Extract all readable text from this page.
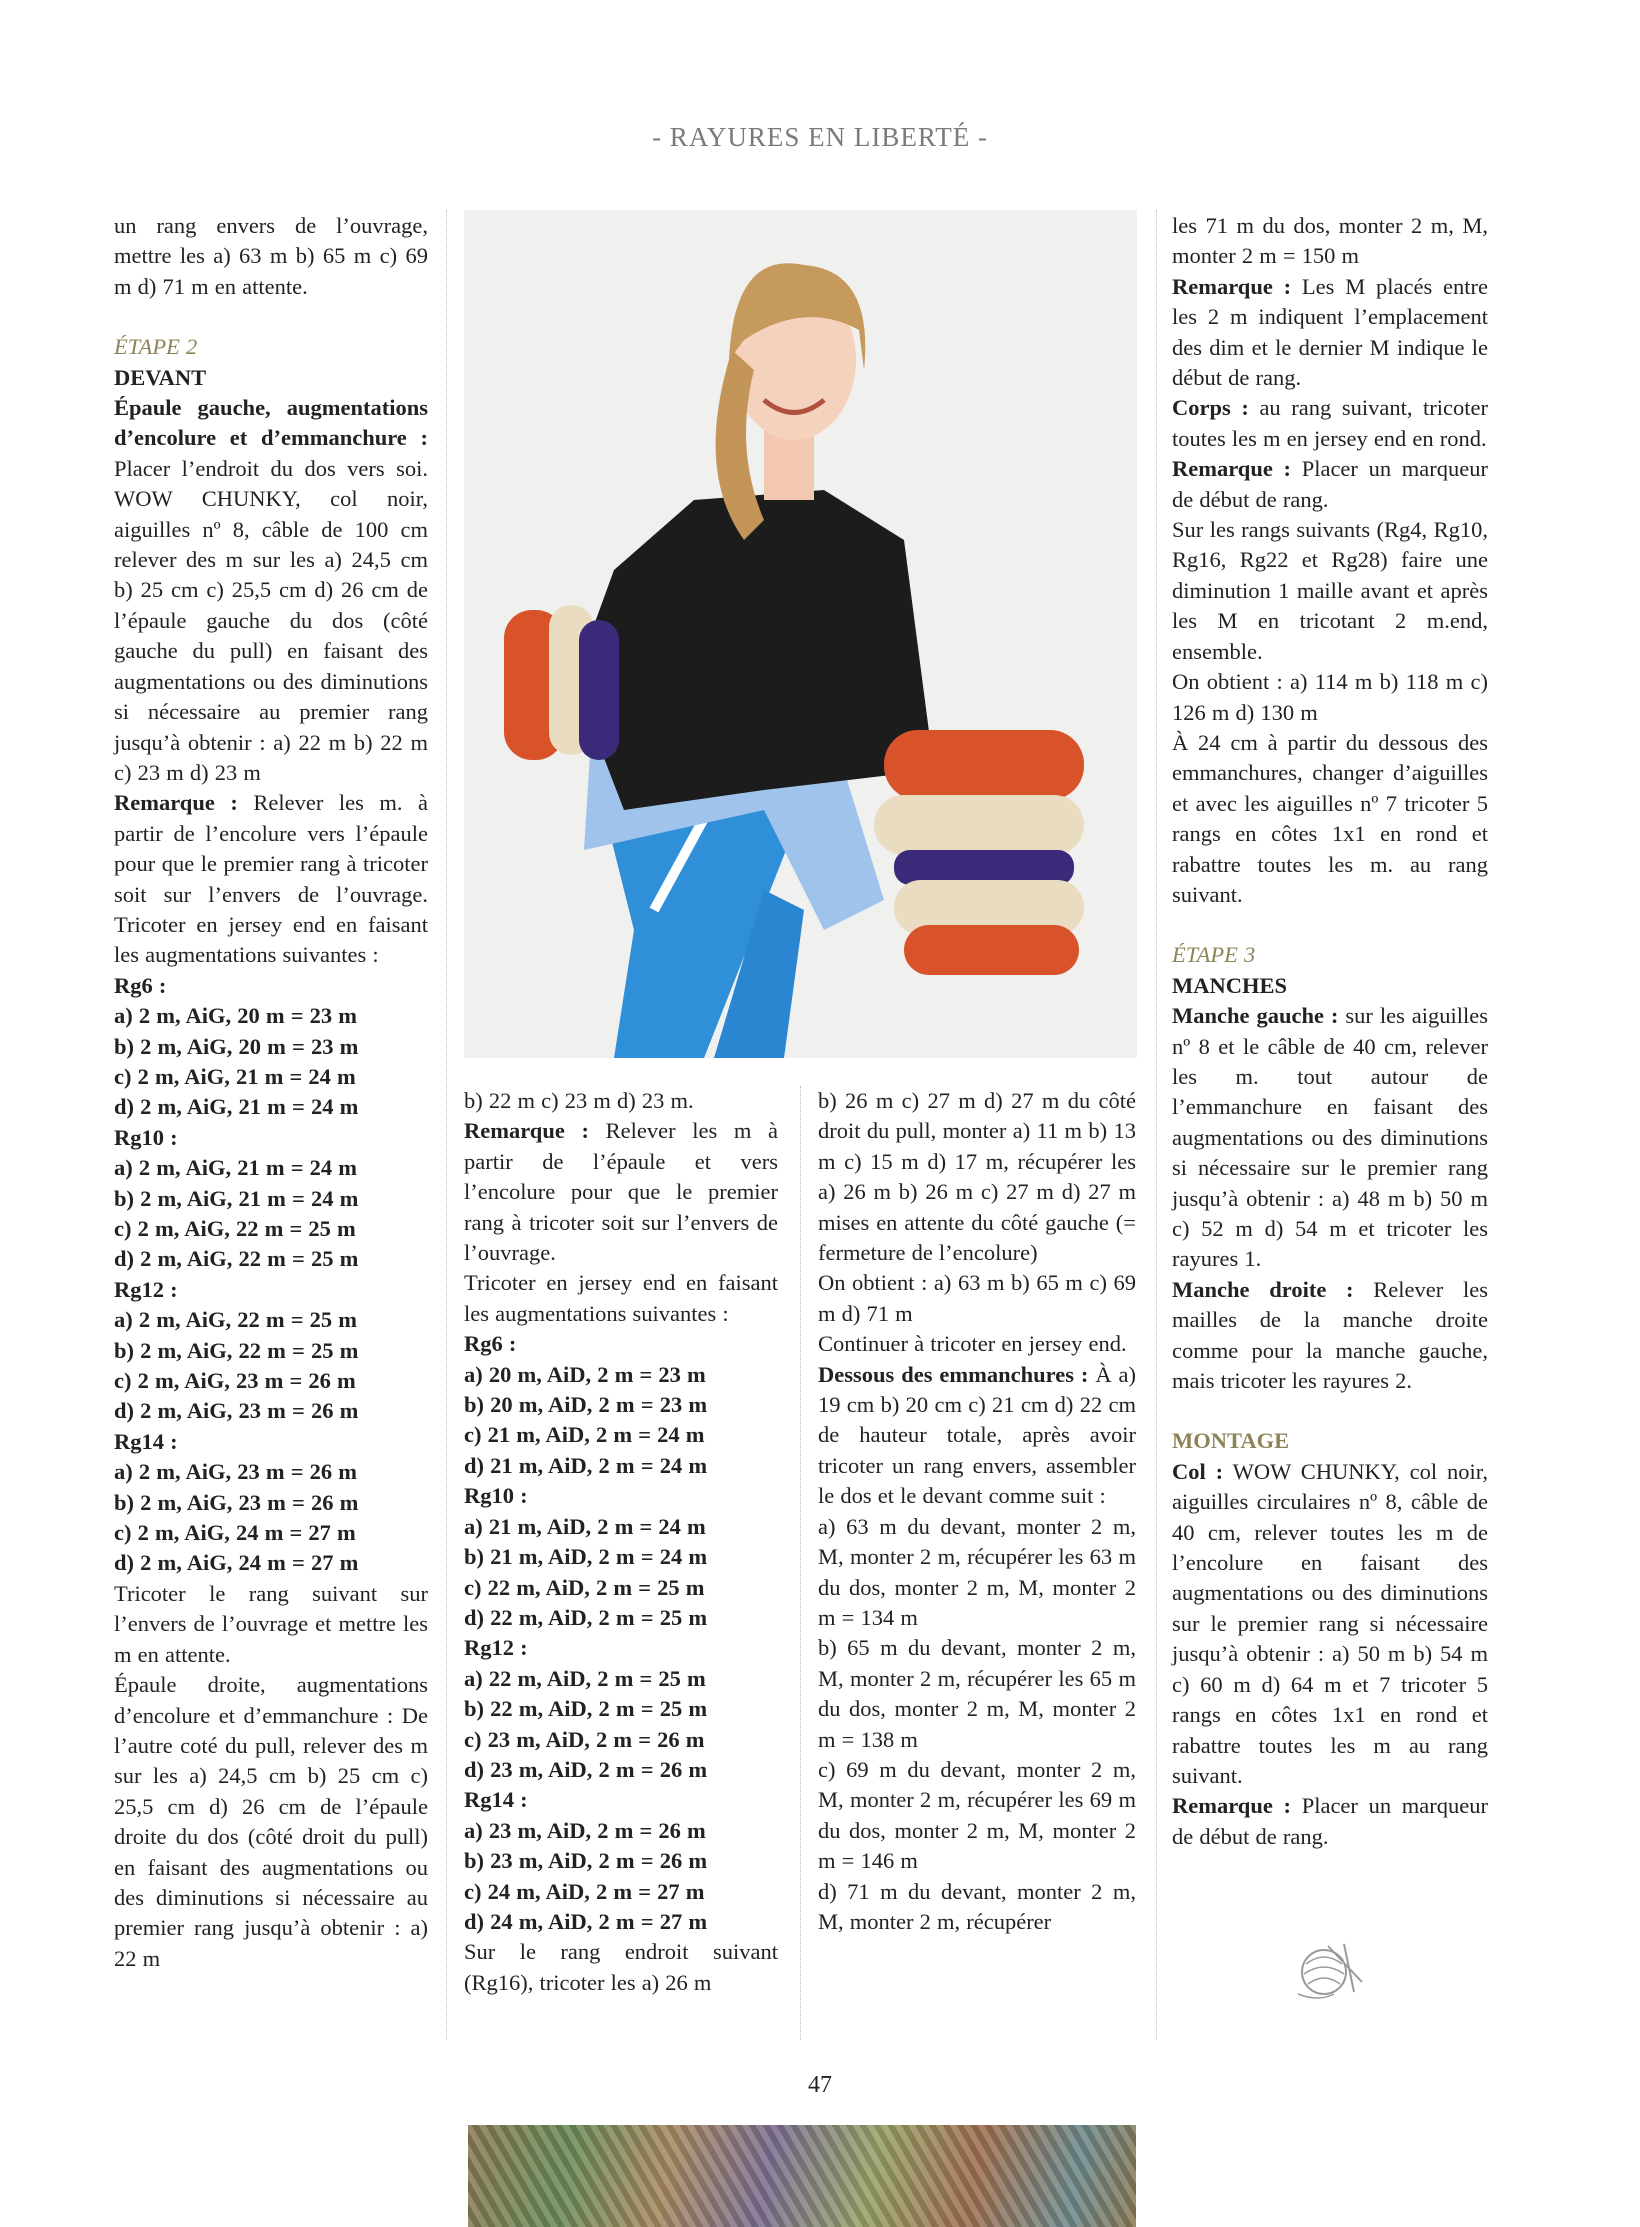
- RAYURES EN LIBERTÉ -

un rang envers de l’ouvrage, mettre les a) 63 m b) 65 m c) 69 m d) 71 m en attente.

ÉTAPE 2

DEVANT

Épaule gauche, augmentations d’encolure et d’emmanchure : Placer l’endroit du dos vers soi. WOW CHUNKY, col noir, aiguilles nº 8, câble de 100 cm relever des m sur les a) 24,5 cm b) 25 cm c) 25,5 cm d) 26 cm de l’épaule gauche du dos (côté gauche du pull) en faisant des augmentations ou des diminutions si nécessaire au premier rang jusqu’à obtenir : a) 22 m b) 22 m c) 23 m d) 23 m

Remarque : Relever les m. à partir de l’encolure vers l’épaule pour que le premier rang à tricoter soit sur l’envers de l’ouvrage. Tricoter en jersey end en faisant les augmentations suivantes :

Rg6 :

a) 2 m, AiG, 20 m = 23 m

b) 2 m, AiG, 20 m = 23 m

c) 2 m, AiG, 21 m = 24 m

d) 2 m, AiG, 21 m = 24 m

Rg10 :

a) 2 m, AiG, 21 m = 24 m

b) 2 m, AiG, 21 m = 24 m

c) 2 m, AiG, 22 m = 25 m

d) 2 m, AiG, 22 m = 25 m

Rg12 :

a) 2 m, AiG, 22 m = 25 m

b) 2 m, AiG, 22 m = 25 m

c) 2 m, AiG, 23 m = 26 m

d) 2 m, AiG, 23 m = 26 m

Rg14 :

a) 2 m, AiG, 23 m = 26 m

b) 2 m, AiG, 23 m = 26 m

c) 2 m, AiG, 24 m = 27 m

d) 2 m, AiG, 24 m = 27 m

Tricoter le rang suivant sur l’envers de l’ouvrage et mettre les m en attente.

Épaule droite, augmentations d’encolure et d’emmanchure : De l’autre coté du pull, relever des m sur les a) 24,5 cm b) 25 cm c) 25,5 cm d) 26 cm de l’épaule droite du dos (côté droit du pull) en faisant des augmentations ou des diminutions si nécessaire au premier rang jusqu’à obtenir : a) 22 m

b) 22 m c) 23 m d) 23 m.

Remarque : Relever les m à partir de l’épaule et vers l’encolure pour que le premier rang à tricoter soit sur l’envers de l’ouvrage.

Tricoter en jersey end en faisant les augmentations suivantes :

Rg6 :

a) 20 m, AiD, 2 m = 23 m

b) 20 m, AiD, 2 m = 23 m

c) 21 m, AiD, 2 m = 24 m

d) 21 m, AiD, 2 m = 24 m

Rg10 :

a) 21 m, AiD, 2 m = 24 m

b) 21 m, AiD, 2 m = 24 m

c) 22 m, AiD, 2 m = 25 m

d) 22 m, AiD, 2 m = 25 m

Rg12 :

a) 22 m, AiD, 2 m = 25 m

b) 22 m, AiD, 2 m = 25 m

c) 23 m, AiD, 2 m = 26 m

d) 23 m, AiD, 2 m = 26 m

Rg14 :

a) 23 m, AiD, 2 m = 26 m

b) 23 m, AiD, 2 m = 26 m

c) 24 m, AiD, 2 m = 27 m

d) 24 m, AiD, 2 m = 27 m

Sur le rang endroit suivant (Rg16), tricoter les a) 26 m

b) 26 m c) 27 m d) 27 m du côté droit du pull, monter a) 11 m b) 13 m c) 15 m d) 17 m, récupérer les a) 26 m b) 26 m c) 27 m d) 27 m mises en attente du côté gauche (= fermeture de l’encolure)

On obtient : a) 63 m b) 65 m c) 69 m d) 71 m

Continuer à tricoter en jersey end.

Dessous des emmanchures : À a) 19 cm b) 20 cm c) 21 cm d) 22 cm de hauteur totale, après avoir tricoter un rang envers, assembler le dos et le devant comme suit :

a) 63 m du devant, monter 2 m, M, monter 2 m, récupérer les 63 m du dos, monter 2 m, M, monter 2 m = 134 m

b) 65 m du devant, monter 2 m, M, monter 2 m, récupérer les 65 m du dos, monter 2 m, M, monter 2 m = 138 m

c) 69 m du devant, monter 2 m, M, monter 2 m, récupérer les 69 m du dos, monter 2 m, M, monter 2 m = 146 m

d) 71 m du devant, monter 2 m, M, monter 2 m, récupérer

les 71 m du dos, monter 2 m, M, monter 2 m = 150 m

Remarque : Les M placés entre les 2 m indiquent l’emplacement des dim et le dernier M indique le début de rang.

Corps : au rang suivant, tricoter toutes les m en jersey end en rond.

Remarque : Placer un marqueur de début de rang.

Sur les rangs suivants (Rg4, Rg10, Rg16, Rg22 et Rg28) faire une diminution 1 maille avant et après les M en tricotant 2 m.end, ensemble.

On obtient : a) 114 m b) 118 m c) 126 m d) 130 m

À 24 cm à partir du dessous des emmanchures, changer d’aiguilles et avec les aiguilles nº 7 tricoter 5 rangs en côtes 1x1 en rond et rabattre toutes les m. au rang suivant.

ÉTAPE 3

MANCHES

Manche gauche : sur les aiguilles nº 8 et le câble de 40 cm, relever les m. tout autour de l’emmanchure en faisant des augmentations ou des diminutions si nécessaire sur le premier rang jusqu’à obtenir : a) 48 m b) 50 m c) 52 m d) 54 m et tricoter les rayures 1.

Manche droite : Relever les mailles de la manche droite comme pour la manche gauche, mais tricoter les rayures 2.

MONTAGE

Col : WOW CHUNKY, col noir, aiguilles circulaires nº 8, câble de 40 cm, relever toutes les m de l’encolure en faisant des augmentations ou des diminutions sur le premier rang si nécessaire jusqu’à obtenir : a) 50 m b) 54 m c) 60 m d) 64 m et 7 tricoter 5 rangs en côtes 1x1 en rond et rabattre toutes les m au rang suivant.

Remarque : Placer un marqueur de début de rang.

47
